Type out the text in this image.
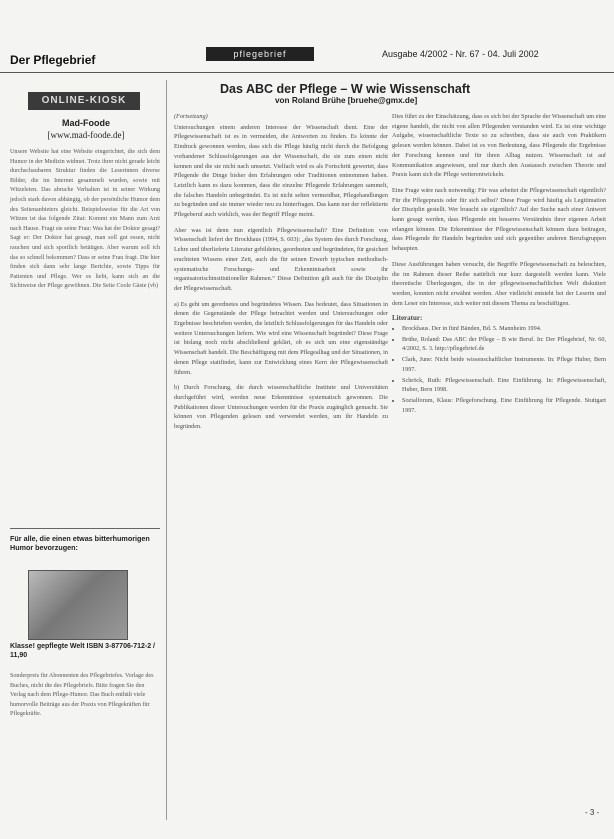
Der Pflegebrief	pflegebrief	Ausgabe 4/2002 - Nr. 67 - 04. Juli 2002
ONLINE-KIOSK
Mad-Foode
[www.mad-foode.de]
Unsere Website hat eine Website eingerichtet, die sich dem Humor in der Medizin widmet. Trotz ihrer nicht gerade leicht durchschaubaren Struktur finden die Leserinnen diverse Bilder, die im Internet gesammelt wurden, sowie mit Witzeleien. Das abruche Verhalten ist in seiner Wirkung jedoch stark davon abhängig, ob der persönliche Humor dem des Seitenanbieters gleicht. Beispielsweise für die Art von Witzen ist das folgende Zitat: Kommt ein Mann zum Arzt nach Hause. Fragt sie seine Frau: Was hat der Doktor gesagt? Sagt er: Der Doktor hat gesagt, man soll gut essen, nicht rauchen und sich sportlich betätigen. Aber warum soll ich das so schnell bekommen? Dass er seine Frau fragt. Die hier finden sich dann sehr lange Berichte, sowie Tipps für Patienten und Pflege. Wer es liebt, kann sich an die Sichtweise der Pflege gewöhnen. Die Seite Coole Gäste (vb)
Für alle, die einen etwas bitterhumorigen Humor bevorzugen:
Klasse! gepflegte Welt ISBN 3-87706-712-2 / 11,90
Sonderpreis für Abonnenten des Pflegebriefes. Vorlage des Buches, nicht die des Pflegebriefs. Bitte fragen Sie den Verlag nach dem Pflege-Humor. Das Buch enthält viele humorvolle Beiträge aus der Praxis von Pflegekräften für Pflegekräfte.
Das ABC der Pflege – W wie Wissenschaft
von Roland Brühe [bruehe@gmx.de]

(Fortsetzung)

Untersuchungen einem anderen Interesse der Wissenschaft dient. Eine der Pflegewissenschaft ist es in vermeiden, die Antworten zu finden. Es könnte der Eindruck gewonnen werden, dass sich die Pflege häufig nicht durch die Befolgung vorhandener Schlussfolgerungen aus der Wissenschaft, die sie zum einen nicht kennen und die sie nicht nach umsetzt. Vielfach wird es als Fortschritt gewertet, dass Pflegende die Dinge bisher den Erfahrungen oder Traditionen entnommen haben. Letztlich kann es dazu kommen, dass die einzelne Pflegende Erfahrungen sammelt, die falsches Handeln unbegründet. Es ist nicht selten vermeidbar, Pflegehandlungen zu begründen und sie immer wieder neu zu hinterfragen. Das kann nur der reflektierte Pflegeberuf auch wirklich, was der Begriff Pflege meint.

Aber was ist denn nun eigentlich Pflegewissenschaft? Eine Definition von Wissenschaft liefert der Brockhaus (1994, S. 603): „das System des durch Forschung, Lehre und überlieferte Literatur gebildeten, geordneten und begründeten, für gesichert erachteten Wissens einer Zeit, auch die für seinen Erwerb typischen methodisch-systematische Forschungs- und Erkenntnisarbeit sowie ihr organisatorischinstitutioneller Rahmen.“ Diese Definition gilt auch für die Disziplin der Pflegewissenschaft.

a) Es geht um geordnetes und begründetes Wissen. Das bedeutet, dass Situationen in denen die Gegenstände der Pflege betrachtet werden und Untersuchungen oder Ergebnisse beschrieben werden, die letztlich Schlussfolgerungen für das Handeln oder weitere Untersuchungen liefern. Wie wird eine Wissenschaft begründet? Diese Frage ist bislang noch nicht abschließend geklärt, ob es sich um eine eigenständige Wissenschaft handelt. Die Beschäftigung mit dem Pflegealltag und der Situationen, in denen Pflege stattfindet, kann zur Entwicklung eines Kern der Pflegewissenschaft führen.

b) Durch Forschung, die durch wissenschaftliche Institute und Universitäten durchgeführt wird, werden neue Erkenntnisse systematisch gewonnen. Die Publikationen dieser Untersuchungen werden für die Praxis zugänglich gemacht. Sie können von Pflegenden gelesen und verwendet werden, um ihr Handeln zu begründen.

Dies führt zu der Einschätzung, dass es sich bei der Sprache der Wissenschaft um eine eigene handelt, die nicht von allen Pflegenden verstanden wird. Es ist eine wichtige Aufgabe, wissenschaftliche Texte so zu schreiben, dass sie auch von Praktikern gelesen werden können. Dabei ist es von Bedeutung, dass Pflegende die Ergebnisse der Forschung kennen und für ihren Alltag nutzen. Wissenschaft ist auf Kommunikation angewiesen, und nur durch den Austausch zwischen Theorie und Praxis kann sich die Pflege weiterentwickeln.

Eine Frage wäre nach notwendig: Für was arbeitet die Pflegewissenschaft eigentlich? Für die Pflegepraxis oder für sich selbst? Diese Frage wird häufig als Legitimation der Disziplin gestellt. Wer braucht sie eigentlich? Auf der Suche nach einer Antwort kann gesagt werden, dass Pflegende ein besseres Verständnis ihrer eigenen Arbeit erlangen können. Die Erkenntnisse der Pflegewissenschaft können dazu beitragen, dass Pflegende ihr Handeln begründen und sich gegenüber anderen Berufsgruppen behaupten.

Diese Ausführungen haben versucht, die Begriffe Pflegewissenschaft zu beleuchten, die im Rahmen dieser Reihe natürlich nur kurz dargestellt werden kann. Viele theoretische Überlegungen, die in der pflegewissenschaftlichen Welt diskutiert werden, konnten nicht erwähnt werden. Aber vielleicht entsteht bei der Leserin und dem Leser ein Interesse, sich weiter mit diesem Thema zu beschäftigen.

Literatur:
• Brockhaus. Der in fünf Bänden, Bd. 5. Mannheim 1994.
• Brühe, Roland: Das ABC der Pflege – B wie Beruf. In: Der Pflegebrief, Nr. 60, 4/2002, S. 3. http://pflegebrief.de
• Clark, June: Nicht beide wissenschaftlicher Instrumente. In: Pflege Huber, Bern 1997.
• Schröck, Ruth: Pflegewissenschaft. Eine Einführung. In: Pflegewissenschaft, Huber, Bern 1998.
• Sozialforum, Klaus: Pflegeforschung. Eine Einführung für Pflegende. Stuttgart 1997.
- 3 -
